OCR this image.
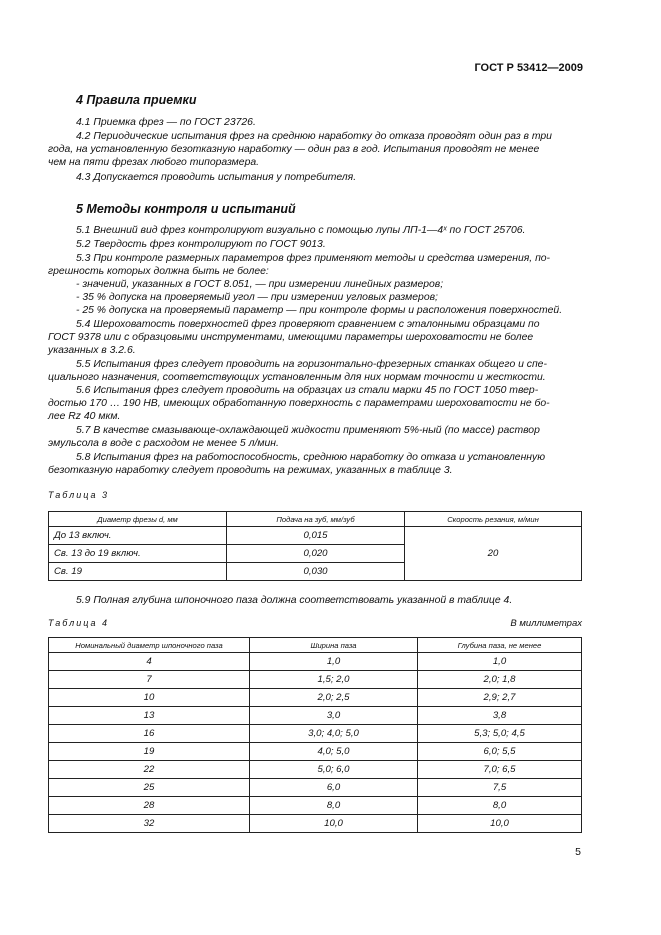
ГОСТ Р 53412—2009
4 Правила приемки
4.1 Приемка фрез — по ГОСТ 23726.
4.2 Периодические испытания фрез на среднюю наработку до отказа проводят один раз в три
года, на установленную безотказную наработку — один раз в год. Испытания проводят не менее
чем на пяти фрезах любого типоразмера.
4.3 Допускается проводить испытания у потребителя.
5 Методы контроля и испытаний
5.1 Внешний вид фрез контролируют визуально с помощью лупы ЛП-1—4ˣ по ГОСТ 25706.
5.2 Твердость фрез контролируют по ГОСТ 9013.
5.3 При контроле размерных параметров фрез применяют методы и средства измерения, по-
грешность которых должна быть не более:
- значений, указанных в ГОСТ 8.051, — при измерении линейных размеров;
- 35 % допуска на проверяемый угол — при измерении угловых размеров;
- 25 % допуска на проверяемый параметр — при контроле формы и расположения поверхностей.
5.4 Шероховатость поверхностей фрез проверяют сравнением с эталонными образцами по
ГОСТ 9378 или с образцовыми инструментами, имеющими параметры шероховатости не более
указанных в 3.2.6.
5.5 Испытания фрез следует проводить на горизонтально-фрезерных станках общего и спе-
циального назначения, соответствующих установленным для них нормам точности и жесткости.
5.6 Испытания фрез следует проводить на образцах из стали марки 45 по ГОСТ 1050 твер-
достью 170 … 190 НВ, имеющих обработанную поверхность с параметрами шероховатости не бо-
лее Rz 40 мкм.
5.7 В качестве смазывающе-охлаждающей жидкости применяют 5%-ный (по массе) раствор
эмульсола в воде с расходом не менее 5 л/мин.
5.8 Испытания фрез на работоспособность, среднюю наработку до отказа и установленную
безотказную наработку следует проводить на режимах, указанных в таблице 3.
Таблица 3
Диаметр фрезы d, мм	Подача на зуб, мм/зуб	Скорость резания, м/мин
До 13 включ.	0,015	20
Св. 13 до 19 включ.	0,020	
Св. 19	0,030	
5.9 Полная глубина шпоночного паза должна соответствовать указанной в таблице 4.
Таблица 4	В миллиметрах
Номинальный диаметр шпоночного паза	Ширина паза	Глубина паза, не менее
4	1,0	1,0
7	1,5; 2,0	2,0; 1,8
10	2,0; 2,5	2,9; 2,7
13	3,0	3,8
16	3,0; 4,0; 5,0	5,3; 5,0; 4,5
19	4,0; 5,0	6,0; 5,5
22	5,0; 6,0	7,0; 6,5
25	6,0	7,5
28	8,0	8,0
32	10,0	10,0
5
